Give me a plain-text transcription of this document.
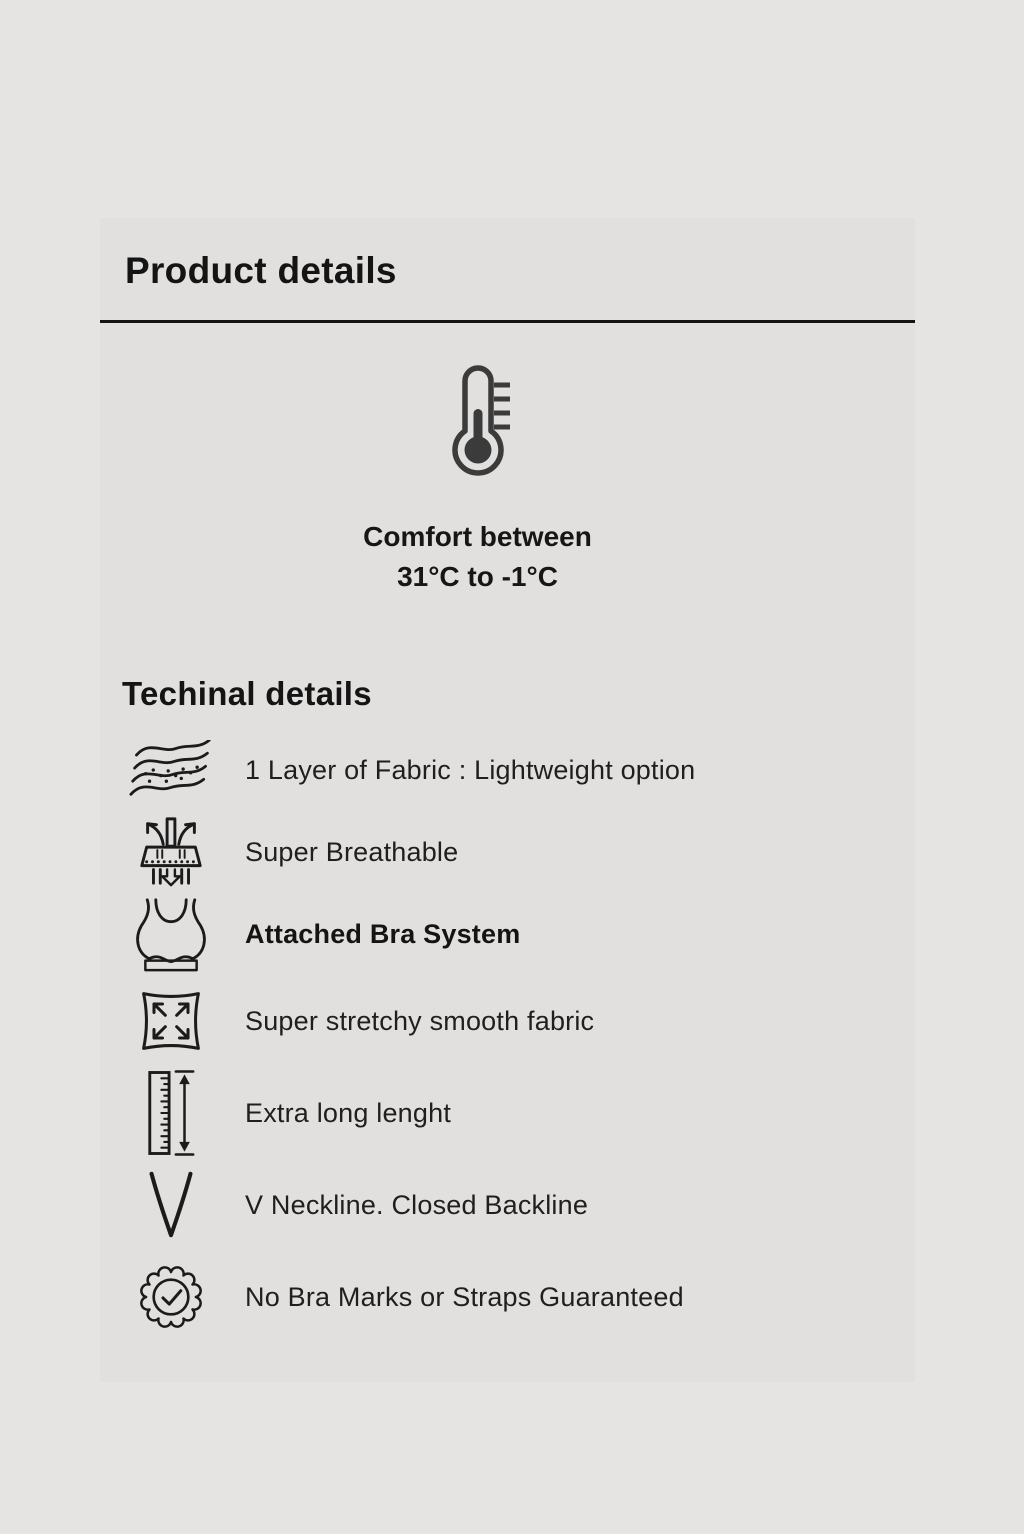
Product details
Comfort between
31°C to -1°C
Techinal details
1 Layer of Fabric : Lightweight option
Super Breathable
Attached Bra System
Super stretchy smooth fabric
Extra long lenght
V Neckline. Closed Backline
No Bra Marks or Straps Guaranteed
